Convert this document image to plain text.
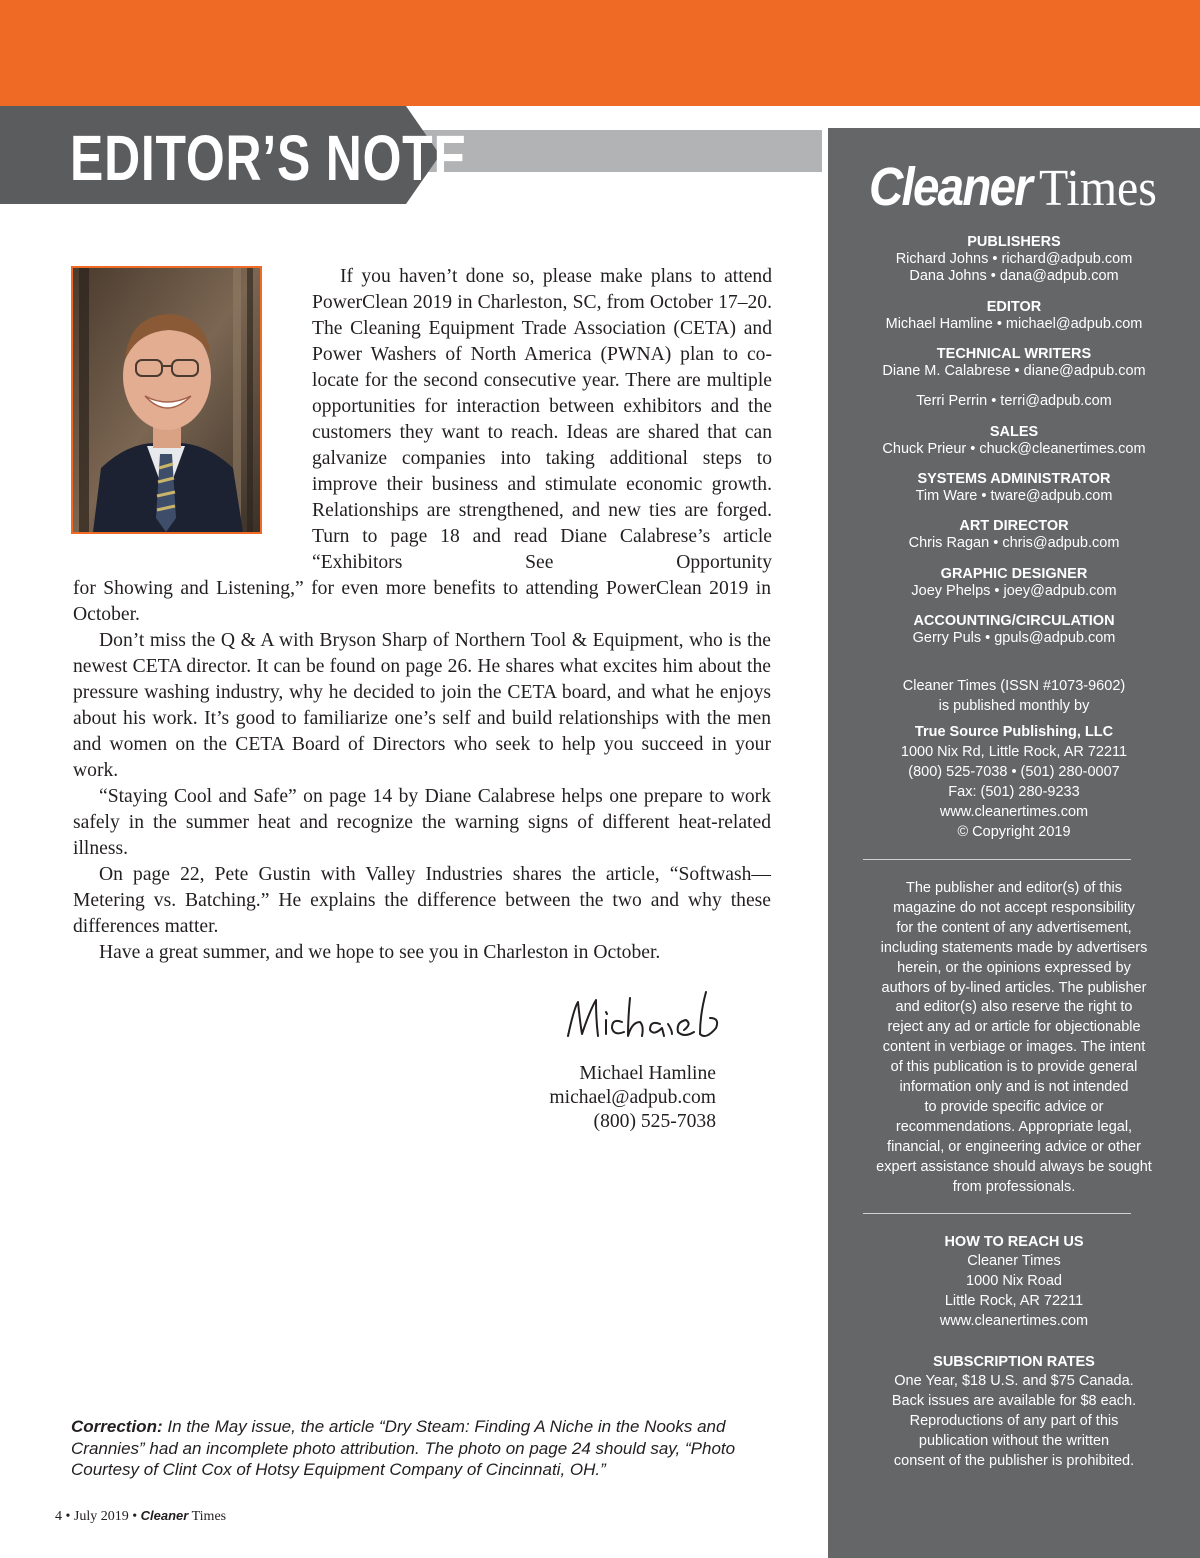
EDITOR’S NOTE	Cleaner Times
PUBLISHERS
Richard Johns • richard@adpub.com
Dana Johns • dana@adpub.com
EDITOR
Michael Hamline • michael@adpub.com
TECHNICAL WRITERS
Diane M. Calabrese • diane@adpub.com
Terri Perrin • terri@adpub.com
SALES
Chuck Prieur • chuck@cleanertimes.com
SYSTEMS ADMINISTRATOR
Tim Ware • tware@adpub.com
ART DIRECTOR
Chris Ragan • chris@adpub.com
GRAPHIC DESIGNER
Joey Phelps • joey@adpub.com
ACCOUNTING/CIRCULATION
Gerry Puls • gpuls@adpub.com
Cleaner Times (ISSN #1073-9602)
is published monthly by
True Source Publishing, LLC
1000 Nix Rd, Little Rock, AR 72211
(800) 525-7038 • (501) 280-0007
Fax: (501) 280-9233
www.cleanertimes.com
© Copyright 2019
The publisher and editor(s) of this
magazine do not accept responsibility
for the content of any advertisement,
including statements made by advertisers
herein, or the opinions expressed by
authors of by-lined articles. The publisher
and editor(s) also reserve the right to
reject any ad or article for objectionable
content in verbiage or images. The intent
of this publication is to provide general
information only and is not intended
to provide specific advice or
recommendations. Appropriate legal,
financial, or engineering advice or other
expert assistance should always be sought
from professionals.
HOW TO REACH US
Cleaner Times
1000 Nix Road
Little Rock, AR 72211
www.cleanertimes.com
SUBSCRIPTION RATES
One Year, $18 U.S. and $75 Canada.
Back issues are available for $8 each.
Reproductions of any part of this
publication without the written
consent of the publisher is prohibited.
If you haven’t done so, please make plans to attend PowerClean 2019 in Charleston, SC, from October 17–20. The Cleaning Equipment Trade Association (CETA) and Power Washers of North America (PWNA) plan to co-locate for the second consecutive year. There are multiple opportunities for interaction between exhibitors and the customers they want to reach. Ideas are shared that can galvanize companies into taking additional steps to improve their business and stimulate economic growth. Relationships are strengthened, and new ties are forged. Turn to page 18 and read Diane Calabrese’s article “Exhibitors See Opportunity
for Showing and Listening,” for even more benefits to attending PowerClean 2019 in October.
Don’t miss the Q & A with Bryson Sharp of Northern Tool & Equipment, who is the newest CETA director. It can be found on page 26. He shares what excites him about the pressure washing industry, why he decided to join the CETA board, and what he enjoys about his work. It’s good to familiarize one’s self and build relationships with the men and women on the CETA Board of Directors who seek to help you succeed in your work.
“Staying Cool and Safe” on page 14 by Diane Calabrese helps one prepare to work safely in the summer heat and recognize the warning signs of different heat-related illness.
On page 22, Pete Gustin with Valley Industries shares the article, “Softwash—Metering vs. Batching.” He explains the difference between the two and why these differences matter.
Have a great summer, and we hope to see you in Charleston in October.
Michael Hamline
michael@adpub.com
(800) 525-7038
Correction: In the May issue, the article “Dry Steam: Finding A Niche in the Nooks and Crannies” had an incomplete photo attribution. The photo on page 24 should say, “Photo Courtesy of Clint Cox of Hotsy Equipment Company of Cincinnati, OH.”
4 • July 2019 • Cleaner Times
